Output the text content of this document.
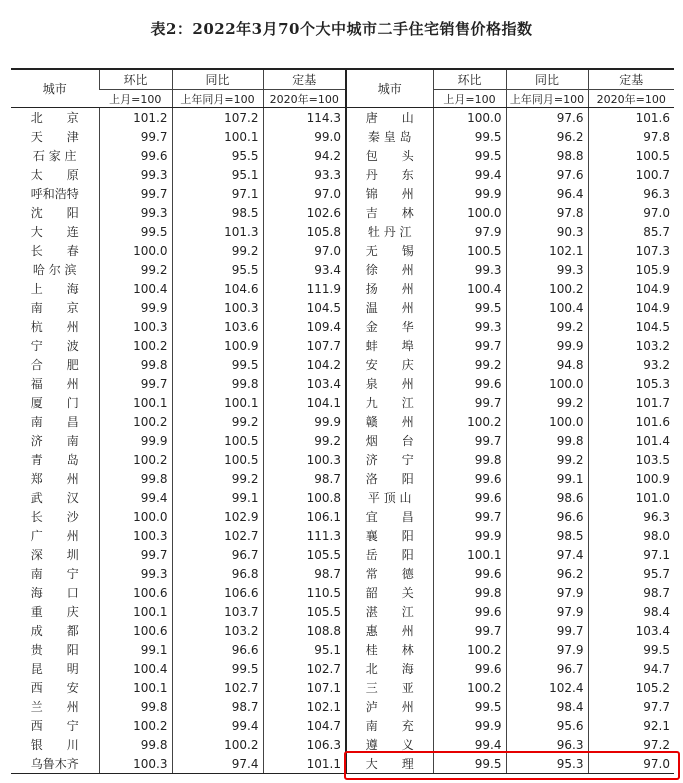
表2：2022年3月70个大中城市二手住宅销售价格指数
城市	环比	同比	定基	城市	环比	同比	定基
	上月=100	上年同月=100	2020年=100		上月=100	上年同月=100	2020年=100
北　　京	101.2	107.2	114.3	唐　　山	100.0	97.6	101.6
天　　津	99.7	100.1	99.0	秦 皇 岛	99.5	96.2	97.8
石 家 庄	99.6	95.5	94.2	包　　头	99.5	98.8	100.5
太　　原	99.3	95.1	93.3	丹　　东	99.4	97.6	100.7
呼和浩特	99.7	97.1	97.0	锦　　州	99.9	96.4	96.3
沈　　阳	99.3	98.5	102.6	吉　　林	100.0	97.8	97.0
大　　连	99.5	101.3	105.8	牡 丹 江	97.9	90.3	85.7
长　　春	100.0	99.2	97.0	无　　锡	100.5	102.1	107.3
哈 尔 滨	99.2	95.5	93.4	徐　　州	99.3	99.3	105.9
上　　海	100.4	104.6	111.9	扬　　州	100.4	100.2	104.9
南　　京	99.9	100.3	104.5	温　　州	99.5	100.4	104.9
杭　　州	100.3	103.6	109.4	金　　华	99.3	99.2	104.5
宁　　波	100.2	100.9	107.7	蚌　　埠	99.7	99.9	103.2
合　　肥	99.8	99.5	104.2	安　　庆	99.2	94.8	93.2
福　　州	99.7	99.8	103.4	泉　　州	99.6	100.0	105.3
厦　　门	100.1	100.1	104.1	九　　江	99.7	99.2	101.7
南　　昌	100.2	99.2	99.9	赣　　州	100.2	100.0	101.6
济　　南	99.9	100.5	99.2	烟　　台	99.7	99.8	101.4
青　　岛	100.2	100.5	100.3	济　　宁	99.8	99.2	103.5
郑　　州	99.8	99.2	98.7	洛　　阳	99.6	99.1	100.9
武　　汉	99.4	99.1	100.8	平 顶 山	99.6	98.6	101.0
长　　沙	100.0	102.9	106.1	宜　　昌	99.7	96.6	96.3
广　　州	100.3	102.7	111.3	襄　　阳	99.9	98.5	98.0
深　　圳	99.7	96.7	105.5	岳　　阳	100.1	97.4	97.1
南　　宁	99.3	96.8	98.7	常　　德	99.6	96.2	95.7
海　　口	100.6	106.6	110.5	韶　　关	99.8	97.9	98.7
重　　庆	100.1	103.7	105.5	湛　　江	99.6	97.9	98.4
成　　都	100.6	103.2	108.8	惠　　州	99.7	99.7	103.4
贵　　阳	99.1	96.6	95.1	桂　　林	100.2	97.9	99.5
昆　　明	100.4	99.5	102.7	北　　海	99.6	96.7	94.7
西　　安	100.1	102.7	107.1	三　　亚	100.2	102.4	105.2
兰　　州	99.8	98.7	102.1	泸　　州	99.5	98.4	97.7
西　　宁	100.2	99.4	104.7	南　　充	99.9	95.6	92.1
银　　川	99.8	100.2	106.3	遵　　义	99.4	96.3	97.2
乌鲁木齐	100.3	97.4	101.1	大　　理	99.5	95.3	97.0
